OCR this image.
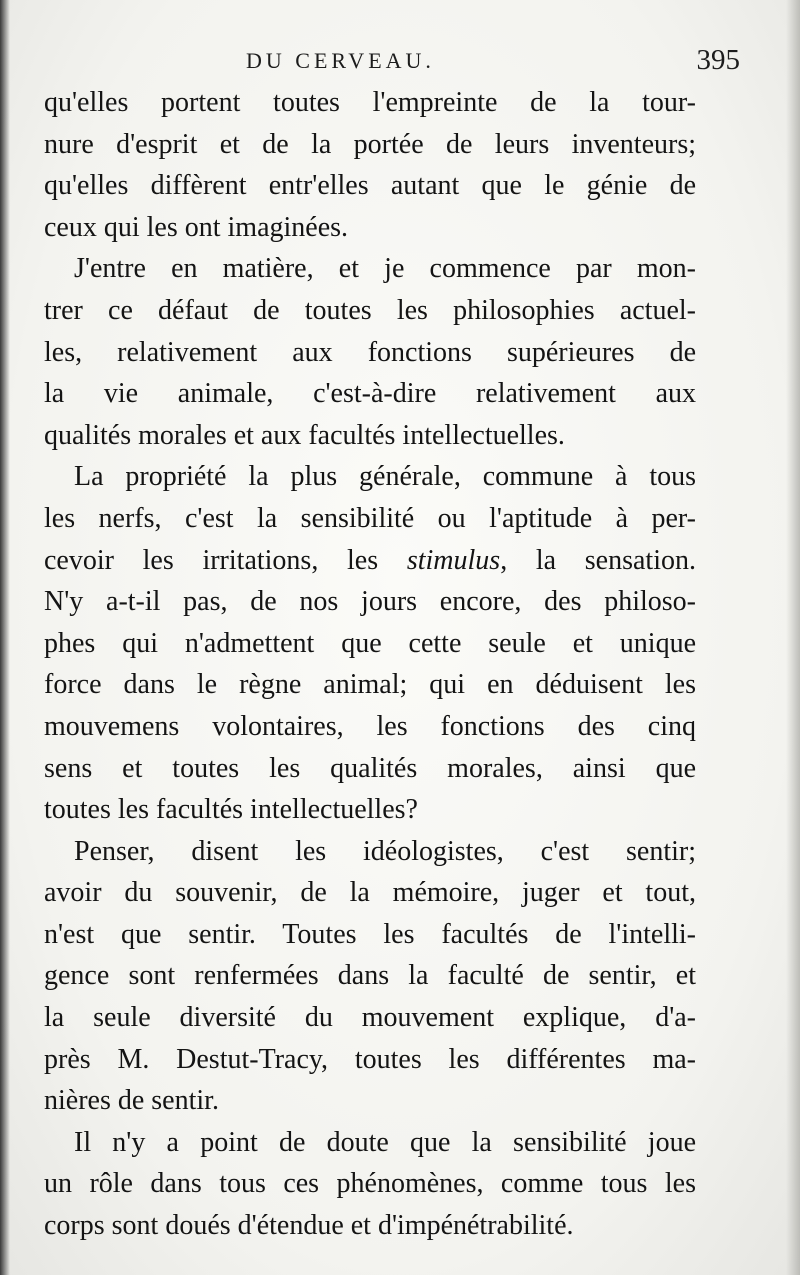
DU CERVEAU.	395
qu'elles portent toutes l'empreinte de la tour-
nure d'esprit et de la portée de leurs inventeurs;
qu'elles diffèrent entr'elles autant que le génie de
ceux qui les ont imaginées.
J'entre en matière, et je commence par mon-
trer ce défaut de toutes les philosophies actuel-
les, relativement aux fonctions supérieures de
la vie animale, c'est-à-dire relativement aux
qualités morales et aux facultés intellectuelles.
La propriété la plus générale, commune à tous
les nerfs, c'est la sensibilité ou l'aptitude à per-
cevoir les irritations, les stimulus, la sensation.
N'y a-t-il pas, de nos jours encore, des philoso-
phes qui n'admettent que cette seule et unique
force dans le règne animal; qui en déduisent les
mouvemens volontaires, les fonctions des cinq
sens et toutes les qualités morales, ainsi que
toutes les facultés intellectuelles?
Penser, disent les idéologistes, c'est sentir;
avoir du souvenir, de la mémoire, juger et tout,
n'est que sentir. Toutes les facultés de l'intelli-
gence sont renfermées dans la faculté de sentir, et
la seule diversité du mouvement explique, d'a-
près M. Destut-Tracy, toutes les différentes ma-
nières de sentir.
Il n'y a point de doute que la sensibilité joue
un rôle dans tous ces phénomènes, comme tous les
corps sont doués d'étendue et d'impénétrabilité.
